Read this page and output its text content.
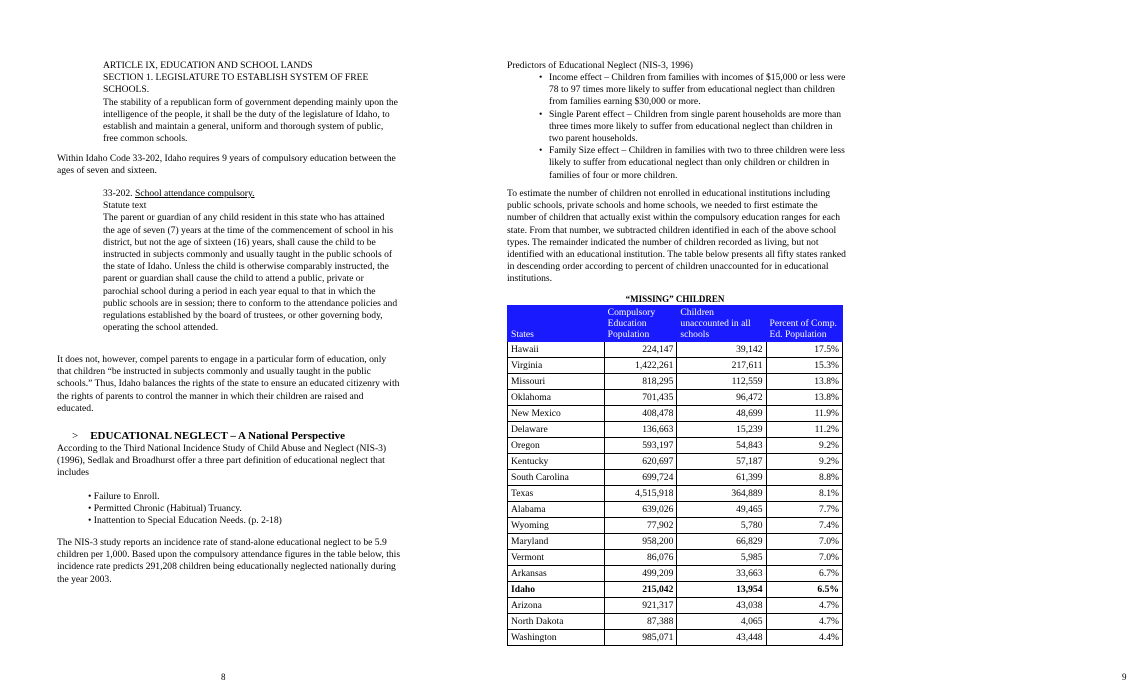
ARTICLE IX, EDUCATION AND SCHOOL LANDS
SECTION 1. LEGISLATURE TO ESTABLISH SYSTEM OF FREE SCHOOLS.
The stability of a republican form of government depending mainly upon the intelligence of the people, it shall be the duty of the legislature of Idaho, to establish and maintain a general, uniform and thorough system of public, free common schools.

Within Idaho Code 33-202, Idaho requires 9 years of compulsory education between the ages of seven and sixteen.

33-202. School attendance compulsory.
Statute text
The parent or guardian of any child resident in this state who has attained the age of seven (7) years at the time of the commencement of school in his district, but not the age of sixteen (16) years, shall cause the child to be instructed in subjects commonly and usually taught in the public schools of the state of Idaho. Unless the child is otherwise comparably instructed, the parent or guardian shall cause the child to attend a public, private or parochial school during a period in each year equal to that in which the public schools are in session; there to conform to the attendance policies and regulations established by the board of trustees, or other governing body, operating the school attended.

It does not, however, compel parents to engage in a particular form of education, only that children “be instructed in subjects commonly and usually taught in the public schools.” Thus, Idaho balances the rights of the state to ensure an educated citizenry with the rights of parents to control the manner in which their children are raised and educated.

> EDUCATIONAL NEGLECT – A National Perspective

According to the Third National Incidence Study of Child Abuse and Neglect (NIS-3) (1996), Sedlak and Broadhurst offer a three part definition of educational neglect that includes

• Failure to Enroll.
• Permitted Chronic (Habitual) Truancy.
• Inattention to Special Education Needs. (p. 2-18)

The NIS-3 study reports an incidence rate of stand-alone educational neglect to be 5.9 children per 1,000. Based upon the compulsory attendance figures in the table below, this incidence rate predicts 291,208 children being educationally neglected nationally during the year 2003.

8

Predictors of Educational Neglect (NIS-3, 1996)

• Income effect – Children from families with incomes of $15,000 or less were 78 to 97 times more likely to suffer from educational neglect than children from families earning $30,000 or more.
• Single Parent effect – Children from single parent households are more than three times more likely to suffer from educational neglect than children in two parent households.
• Family Size effect – Children in families with two to three children were less likely to suffer from educational neglect than only children or children in families of four or more children.

To estimate the number of children not enrolled in educational institutions including public schools, private schools and home schools, we needed to first estimate the number of children that actually exist within the compulsory education ranges for each state. From that number, we subtracted children identified in each of the above school types. The remainder indicated the number of children recorded as living, but not identified with an educational institution. The table below presents all fifty states ranked in descending order according to percent of children unaccounted for in educational institutions.

“MISSING” CHILDREN
States	Compulsory Education Population	Children unaccounted in all schools	Percent of Comp. Ed. Population
Hawaii	224,147	39,142	17.5%
Virginia	1,422,261	217,611	15.3%
Missouri	818,295	112,559	13.8%
Oklahoma	701,435	96,472	13.8%
New Mexico	408,478	48,699	11.9%
Delaware	136,663	15,239	11.2%
Oregon	593,197	54,843	9.2%
Kentucky	620,697	57,187	9.2%
South Carolina	699,724	61,399	8.8%
Texas	4,515,918	364,889	8.1%
Alabama	639,026	49,465	7.7%
Wyoming	77,902	5,780	7.4%
Maryland	958,200	66,829	7.0%
Vermont	86,076	5,985	7.0%
Arkansas	499,209	33,663	6.7%
Idaho	215,042	13,954	6.5%
Arizona	921,317	43,038	4.7%
North Dakota	87,388	4,065	4.7%
Washington	985,071	43,448	4.4%
9
